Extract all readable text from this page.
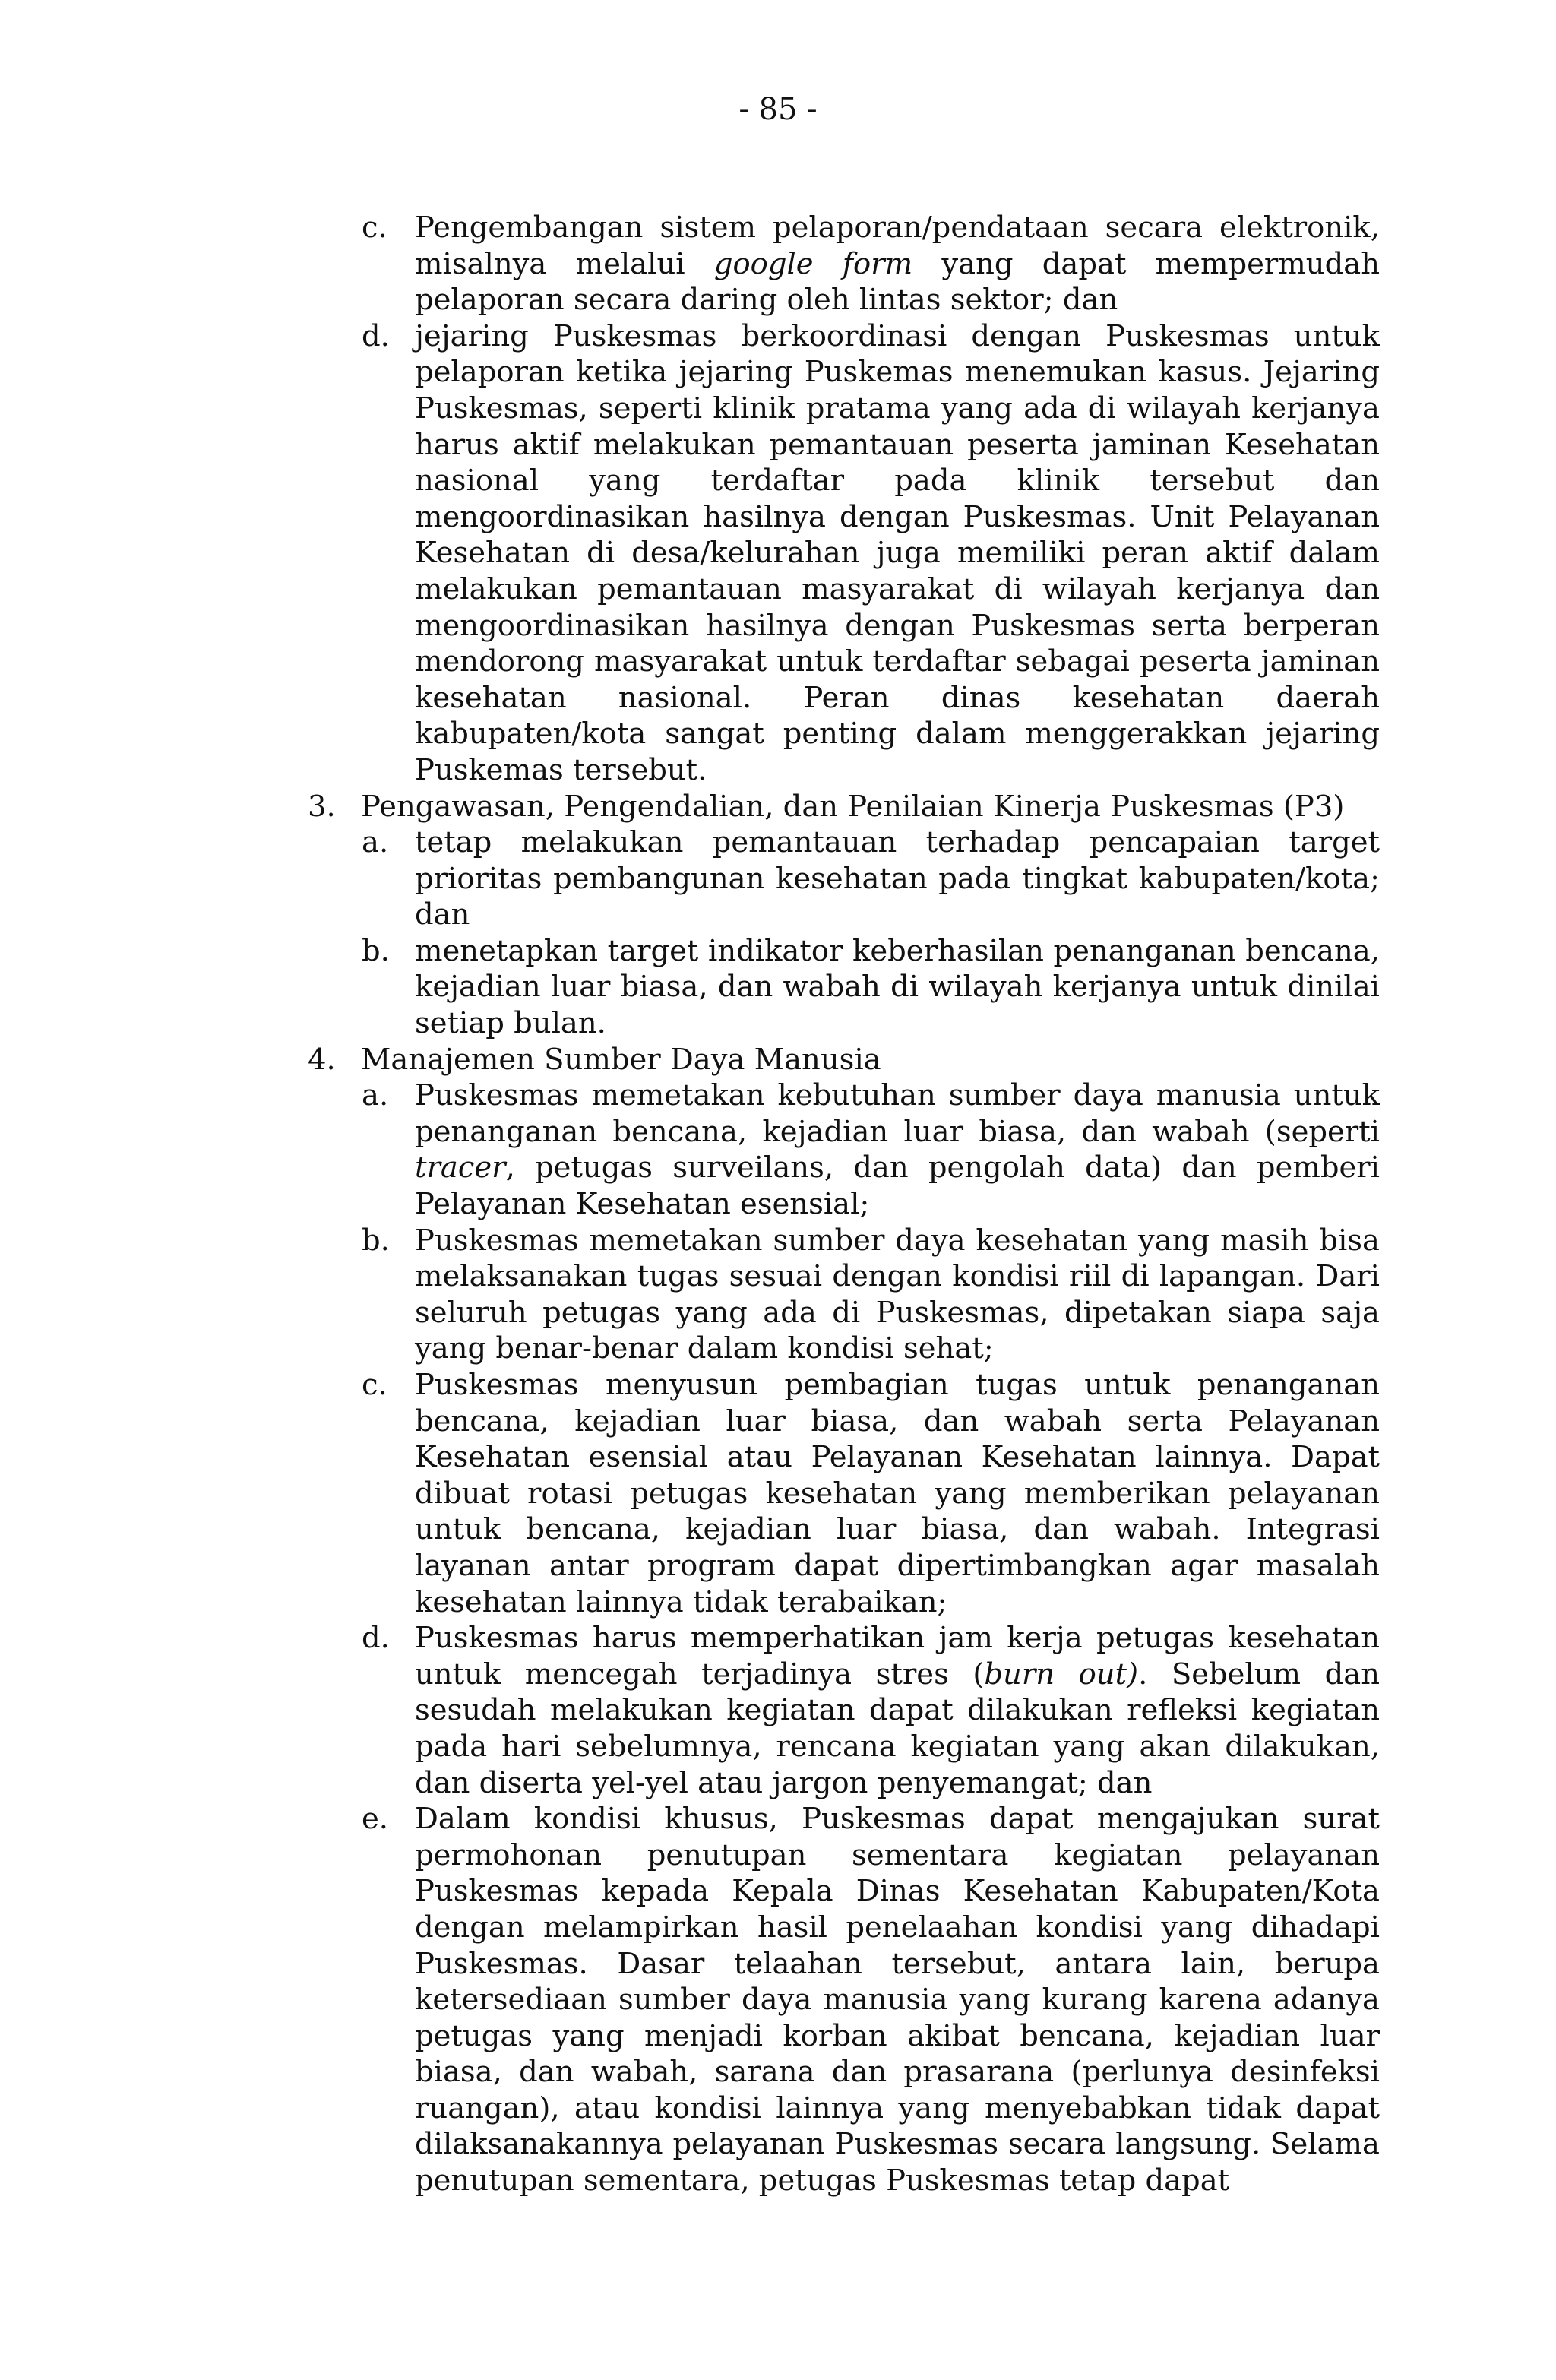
- 85 -
c. Pengembangan sistem pelaporan/pendataan secara elektronik, misalnya melalui google form yang dapat mempermudah pelaporan secara daring oleh lintas sektor; dan
d. jejaring Puskesmas berkoordinasi dengan Puskesmas untuk pelaporan ketika jejaring Puskemas menemukan kasus. Jejaring Puskesmas, seperti klinik pratama yang ada di wilayah kerjanya harus aktif melakukan pemantauan peserta jaminan Kesehatan nasional yang terdaftar pada klinik tersebut dan mengoordinasikan hasilnya dengan Puskesmas. Unit Pelayanan Kesehatan di desa/kelurahan juga memiliki peran aktif dalam melakukan pemantauan masyarakat di wilayah kerjanya dan mengoordinasikan hasilnya dengan Puskesmas serta berperan mendorong masyarakat untuk terdaftar sebagai peserta jaminan kesehatan nasional. Peran dinas kesehatan daerah kabupaten/kota sangat penting dalam menggerakkan jejaring Puskemas tersebut.
3. Pengawasan, Pengendalian, dan Penilaian Kinerja Puskesmas (P3)
a. tetap melakukan pemantauan terhadap pencapaian target prioritas pembangunan kesehatan pada tingkat kabupaten/kota; dan
b. menetapkan target indikator keberhasilan penanganan bencana, kejadian luar biasa, dan wabah di wilayah kerjanya untuk dinilai setiap bulan.
4. Manajemen Sumber Daya Manusia
a. Puskesmas memetakan kebutuhan sumber daya manusia untuk penanganan bencana, kejadian luar biasa, dan wabah (seperti tracer, petugas surveilans, dan pengolah data) dan pemberi Pelayanan Kesehatan esensial;
b. Puskesmas memetakan sumber daya kesehatan yang masih bisa melaksanakan tugas sesuai dengan kondisi riil di lapangan. Dari seluruh petugas yang ada di Puskesmas, dipetakan siapa saja yang benar-benar dalam kondisi sehat;
c. Puskesmas menyusun pembagian tugas untuk penanganan bencana, kejadian luar biasa, dan wabah serta Pelayanan Kesehatan esensial atau Pelayanan Kesehatan lainnya. Dapat dibuat rotasi petugas kesehatan yang memberikan pelayanan untuk bencana, kejadian luar biasa, dan wabah. Integrasi layanan antar program dapat dipertimbangkan agar masalah kesehatan lainnya tidak terabaikan;
d. Puskesmas harus memperhatikan jam kerja petugas kesehatan untuk mencegah terjadinya stres (burn out). Sebelum dan sesudah melakukan kegiatan dapat dilakukan refleksi kegiatan pada hari sebelumnya, rencana kegiatan yang akan dilakukan, dan diserta yel-yel atau jargon penyemangat; dan
e. Dalam kondisi khusus, Puskesmas dapat mengajukan surat permohonan penutupan sementara kegiatan pelayanan Puskesmas kepada Kepala Dinas Kesehatan Kabupaten/Kota dengan melampirkan hasil penelaahan kondisi yang dihadapi Puskesmas. Dasar telaahan tersebut, antara lain, berupa ketersediaan sumber daya manusia yang kurang karena adanya petugas yang menjadi korban akibat bencana, kejadian luar biasa, dan wabah, sarana dan prasarana (perlunya desinfeksi ruangan), atau kondisi lainnya yang menyebabkan tidak dapat dilaksanakannya pelayanan Puskesmas secara langsung. Selama penutupan sementara, petugas Puskesmas tetap dapat
